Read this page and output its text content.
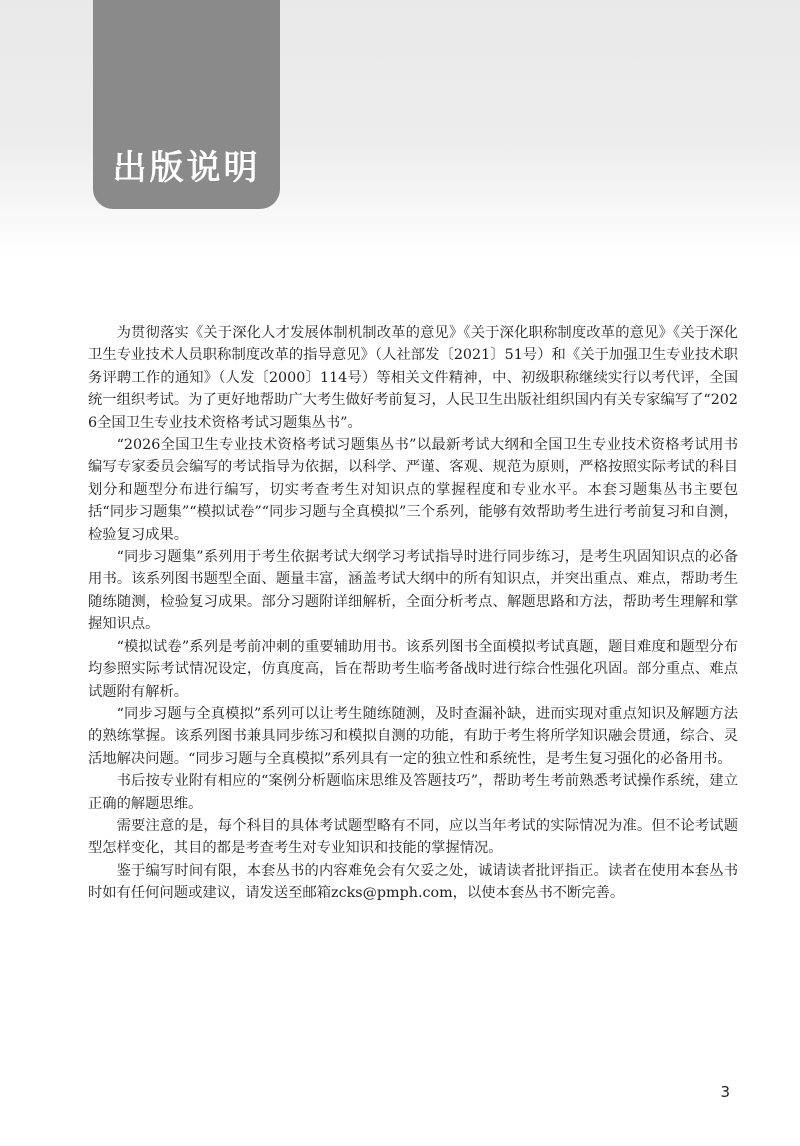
出版说明

为贯彻落实《关于深化人才发展体制机制改革的意见》《关于深化职称制度改革的意见》《关于深化卫生专业技术人员职称制度改革的指导意见》（人社部发〔2021〕51号）和《关于加强卫生专业技术职务评聘工作的通知》（人发〔2000〕114号）等相关文件精神，中、初级职称继续实行以考代评，全国统一组织考试。为了更好地帮助广大考生做好考前复习，人民卫生出版社组织国内有关专家编写了“2026全国卫生专业技术资格考试习题集丛书”。

“2026全国卫生专业技术资格考试习题集丛书”以最新考试大纲和全国卫生专业技术资格考试用书编写专家委员会编写的考试指导为依据，以科学、严谨、客观、规范为原则，严格按照实际考试的科目划分和题型分布进行编写，切实考查考生对知识点的掌握程度和专业水平。本套习题集丛书主要包括“同步习题集”“模拟试卷”“同步习题与全真模拟”三个系列，能够有效帮助考生进行考前复习和自测，检验复习成果。

“同步习题集”系列用于考生依据考试大纲学习考试指导时进行同步练习，是考生巩固知识点的必备用书。该系列图书题型全面、题量丰富，涵盖考试大纲中的所有知识点，并突出重点、难点，帮助考生随练随测，检验复习成果。部分习题附详细解析，全面分析考点、解题思路和方法，帮助考生理解和掌握知识点。

“模拟试卷”系列是考前冲刺的重要辅助用书。该系列图书全面模拟考试真题，题目难度和题型分布均参照实际考试情况设定，仿真度高，旨在帮助考生临考备战时进行综合性强化巩固。部分重点、难点试题附有解析。

“同步习题与全真模拟”系列可以让考生随练随测，及时查漏补缺，进而实现对重点知识及解题方法的熟练掌握。该系列图书兼具同步练习和模拟自测的功能，有助于考生将所学知识融会贯通，综合、灵活地解决问题。“同步习题与全真模拟”系列具有一定的独立性和系统性，是考生复习强化的必备用书。

书后按专业附有相应的“案例分析题临床思维及答题技巧”，帮助考生考前熟悉考试操作系统，建立正确的解题思维。

需要注意的是，每个科目的具体考试题型略有不同，应以当年考试的实际情况为准。但不论考试题型怎样变化，其目的都是考查考生对专业知识和技能的掌握情况。

鉴于编写时间有限，本套丛书的内容难免会有欠妥之处，诚请读者批评指正。读者在使用本套丛书时如有任何问题或建议，请发送至邮箱zcks@pmph.com，以使本套丛书不断完善。

3
